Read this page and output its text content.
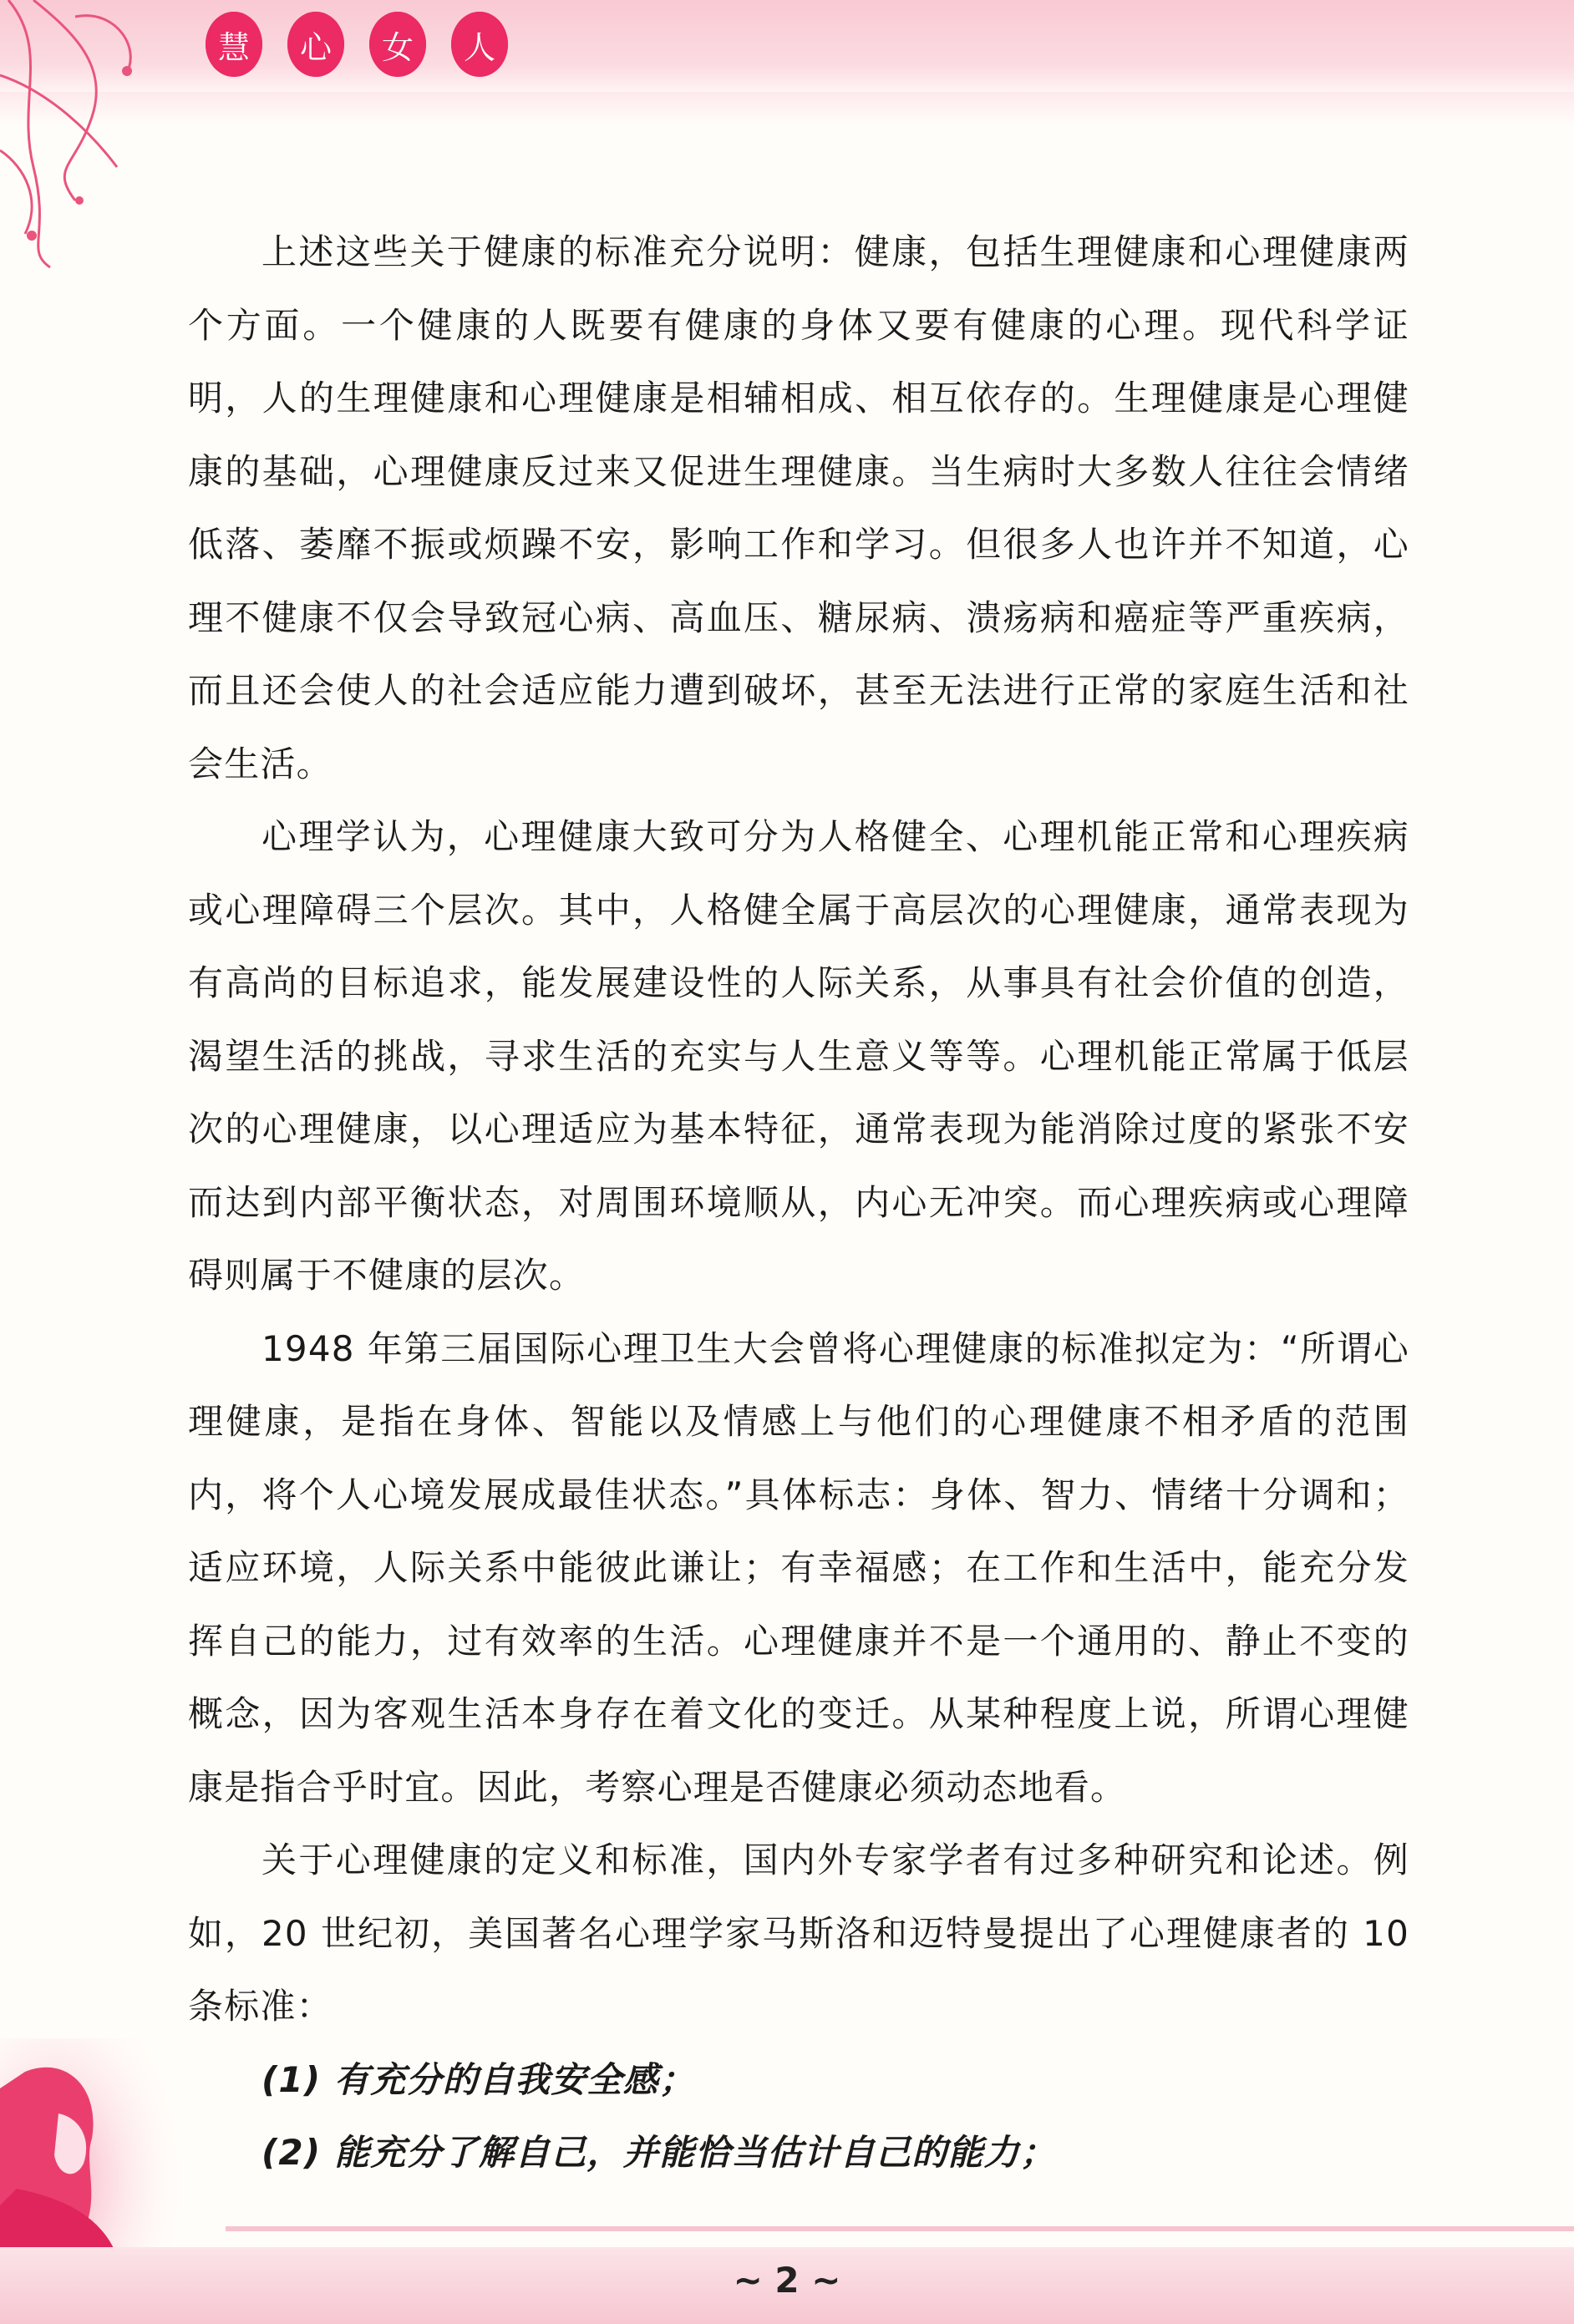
慧	心	女	人

上述这些关于健康的标准充分说明：健康，包括生理健康和心理健康两个方面。一个健康的人既要有健康的身体又要有健康的心理。现代科学证明，人的生理健康和心理健康是相辅相成、相互依存的。生理健康是心理健康的基础，心理健康反过来又促进生理健康。当生病时大多数人往往会情绪低落、萎靡不振或烦躁不安，影响工作和学习。但很多人也许并不知道，心理不健康不仅会导致冠心病、高血压、糖尿病、溃疡病和癌症等严重疾病，而且还会使人的社会适应能力遭到破坏，甚至无法进行正常的家庭生活和社会生活。

心理学认为，心理健康大致可分为人格健全、心理机能正常和心理疾病或心理障碍三个层次。其中，人格健全属于高层次的心理健康，通常表现为有高尚的目标追求，能发展建设性的人际关系，从事具有社会价值的创造，渴望生活的挑战，寻求生活的充实与人生意义等等。心理机能正常属于低层次的心理健康，以心理适应为基本特征，通常表现为能消除过度的紧张不安而达到内部平衡状态，对周围环境顺从，内心无冲突。而心理疾病或心理障碍则属于不健康的层次。

1948 年第三届国际心理卫生大会曾将心理健康的标准拟定为：“所谓心理健康，是指在身体、智能以及情感上与他们的心理健康不相矛盾的范围内，将个人心境发展成最佳状态。”具体标志：身体、智力、情绪十分调和；适应环境，人际关系中能彼此谦让；有幸福感；在工作和生活中，能充分发挥自己的能力，过有效率的生活。心理健康并不是一个通用的、静止不变的概念，因为客观生活本身存在着文化的变迁。从某种程度上说，所谓心理健康是指合乎时宜。因此，考察心理是否健康必须动态地看。

关于心理健康的定义和标准，国内外专家学者有过多种研究和论述。例如，20 世纪初，美国著名心理学家马斯洛和迈特曼提出了心理健康者的 10 条标准：

(1) 有充分的自我安全感；

(2) 能充分了解自己，并能恰当估计自己的能力；

~ 2 ~
